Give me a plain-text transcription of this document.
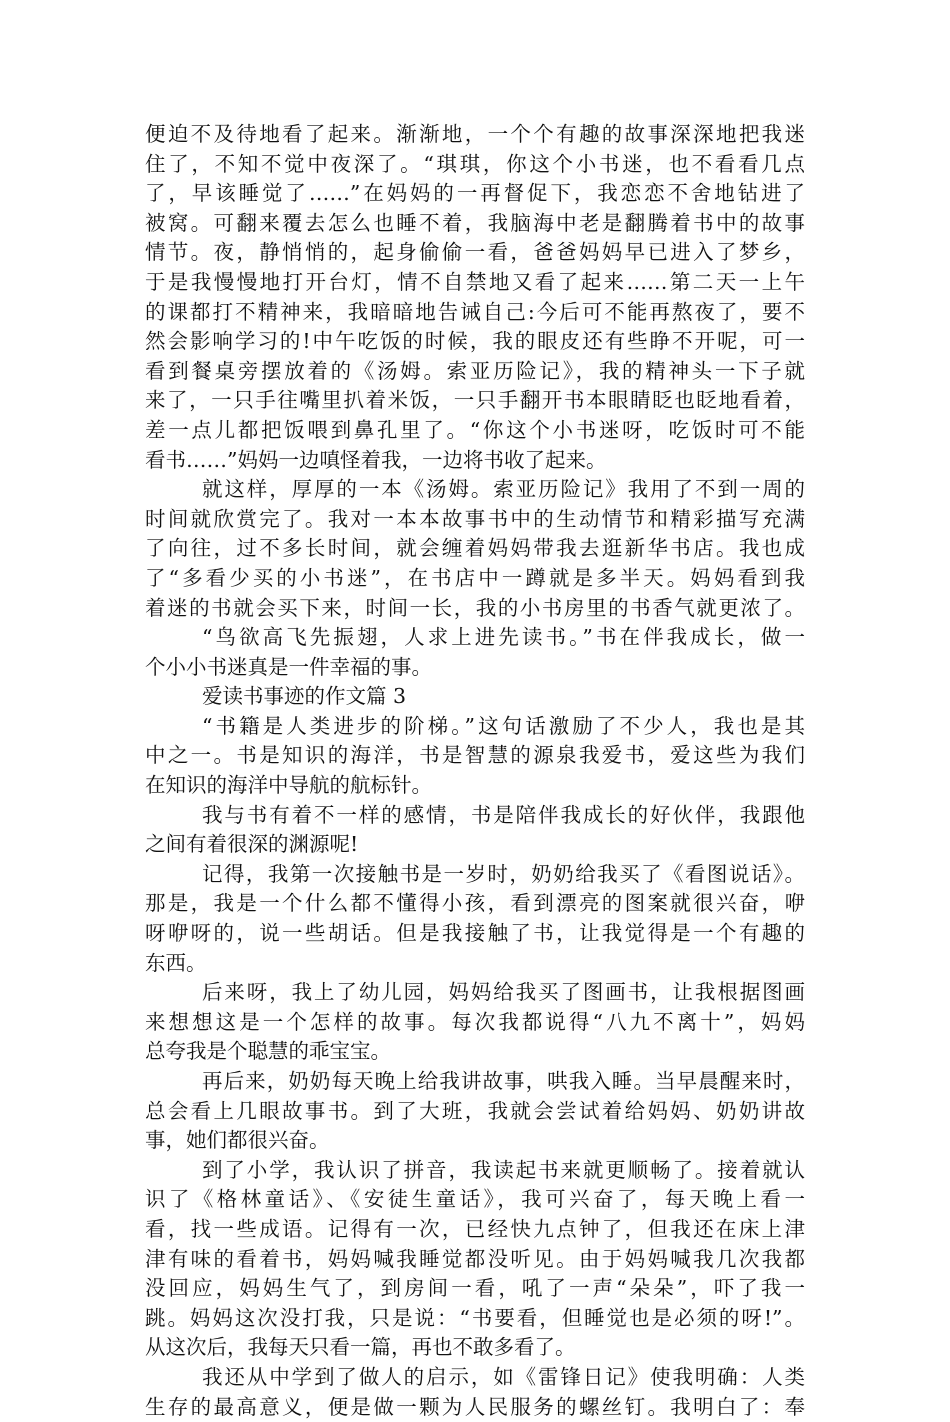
便迫不及待地看了起来。渐渐地，一个个有趣的故事深深地把我迷
住了，不知不觉中夜深了。“琪琪，你这个小书迷，也不看看几点
了，早该睡觉了……”在妈妈的一再督促下，我恋恋不舍地钻进了
被窝。可翻来覆去怎么也睡不着，我脑海中老是翻腾着书中的故事
情节。夜，静悄悄的，起身偷偷一看，爸爸妈妈早已进入了梦乡，
于是我慢慢地打开台灯，情不自禁地又看了起来……第二天一上午
的课都打不精神来，我暗暗地告诫自己:今后可不能再熬夜了，要不
然会影响学习的!中午吃饭的时候，我的眼皮还有些睁不开呢，可一
看到餐桌旁摆放着的《汤姆。索亚历险记》，我的精神头一下子就
来了，一只手往嘴里扒着米饭，一只手翻开书本眼睛眨也眨地看着，
差一点儿都把饭喂到鼻孔里了。“你这个小书迷呀，吃饭时可不能
看书……”妈妈一边嗔怪着我，一边将书收了起来。
就这样，厚厚的一本《汤姆。索亚历险记》我用了不到一周的
时间就欣赏完了。我对一本本故事书中的生动情节和精彩描写充满
了向往，过不多长时间，就会缠着妈妈带我去逛新华书店。我也成
了“多看少买的小书迷”，在书店中一蹲就是多半天。妈妈看到我
着迷的书就会买下来，时间一长，我的小书房里的书香气就更浓了。
“鸟欲高飞先振翅，人求上进先读书。”书在伴我成长，做一
个小小书迷真是一件幸福的事。
爱读书事迹的作文篇 3
“书籍是人类进步的阶梯。”这句话激励了不少人，我也是其
中之一。书是知识的海洋，书是智慧的源泉我爱书，爱这些为我们
在知识的海洋中导航的航标针。
我与书有着不一样的感情，书是陪伴我成长的好伙伴，我跟他
之间有着很深的渊源呢!
记得，我第一次接触书是一岁时，奶奶给我买了《看图说话》。
那是，我是一个什么都不懂得小孩，看到漂亮的图案就很兴奋，咿
呀咿呀的，说一些胡话。但是我接触了书，让我觉得是一个有趣的
东西。
后来呀，我上了幼儿园，妈妈给我买了图画书，让我根据图画
来想想这是一个怎样的故事。每次我都说得“八九不离十”，妈妈
总夸我是个聪慧的乖宝宝。
再后来，奶奶每天晚上给我讲故事，哄我入睡。当早晨醒来时，
总会看上几眼故事书。到了大班，我就会尝试着给妈妈、奶奶讲故
事，她们都很兴奋。
到了小学，我认识了拼音，我读起书来就更顺畅了。接着就认
识了《格林童话》、《安徒生童话》，我可兴奋了，每天晚上看一
看，找一些成语。记得有一次，已经快九点钟了，但我还在床上津
津有味的看着书，妈妈喊我睡觉都没听见。由于妈妈喊我几次我都
没回应，妈妈生气了，到房间一看，吼了一声“朵朵”，吓了我一
跳。妈妈这次没打我，只是说：“书要看，但睡觉也是必须的呀!”。
从这次后，我每天只看一篇，再也不敢多看了。
我还从中学到了做人的启示，如《雷锋日记》使我明确：人类
生存的最高意义，便是做一颗为人民服务的螺丝钉。我明白了：奉
